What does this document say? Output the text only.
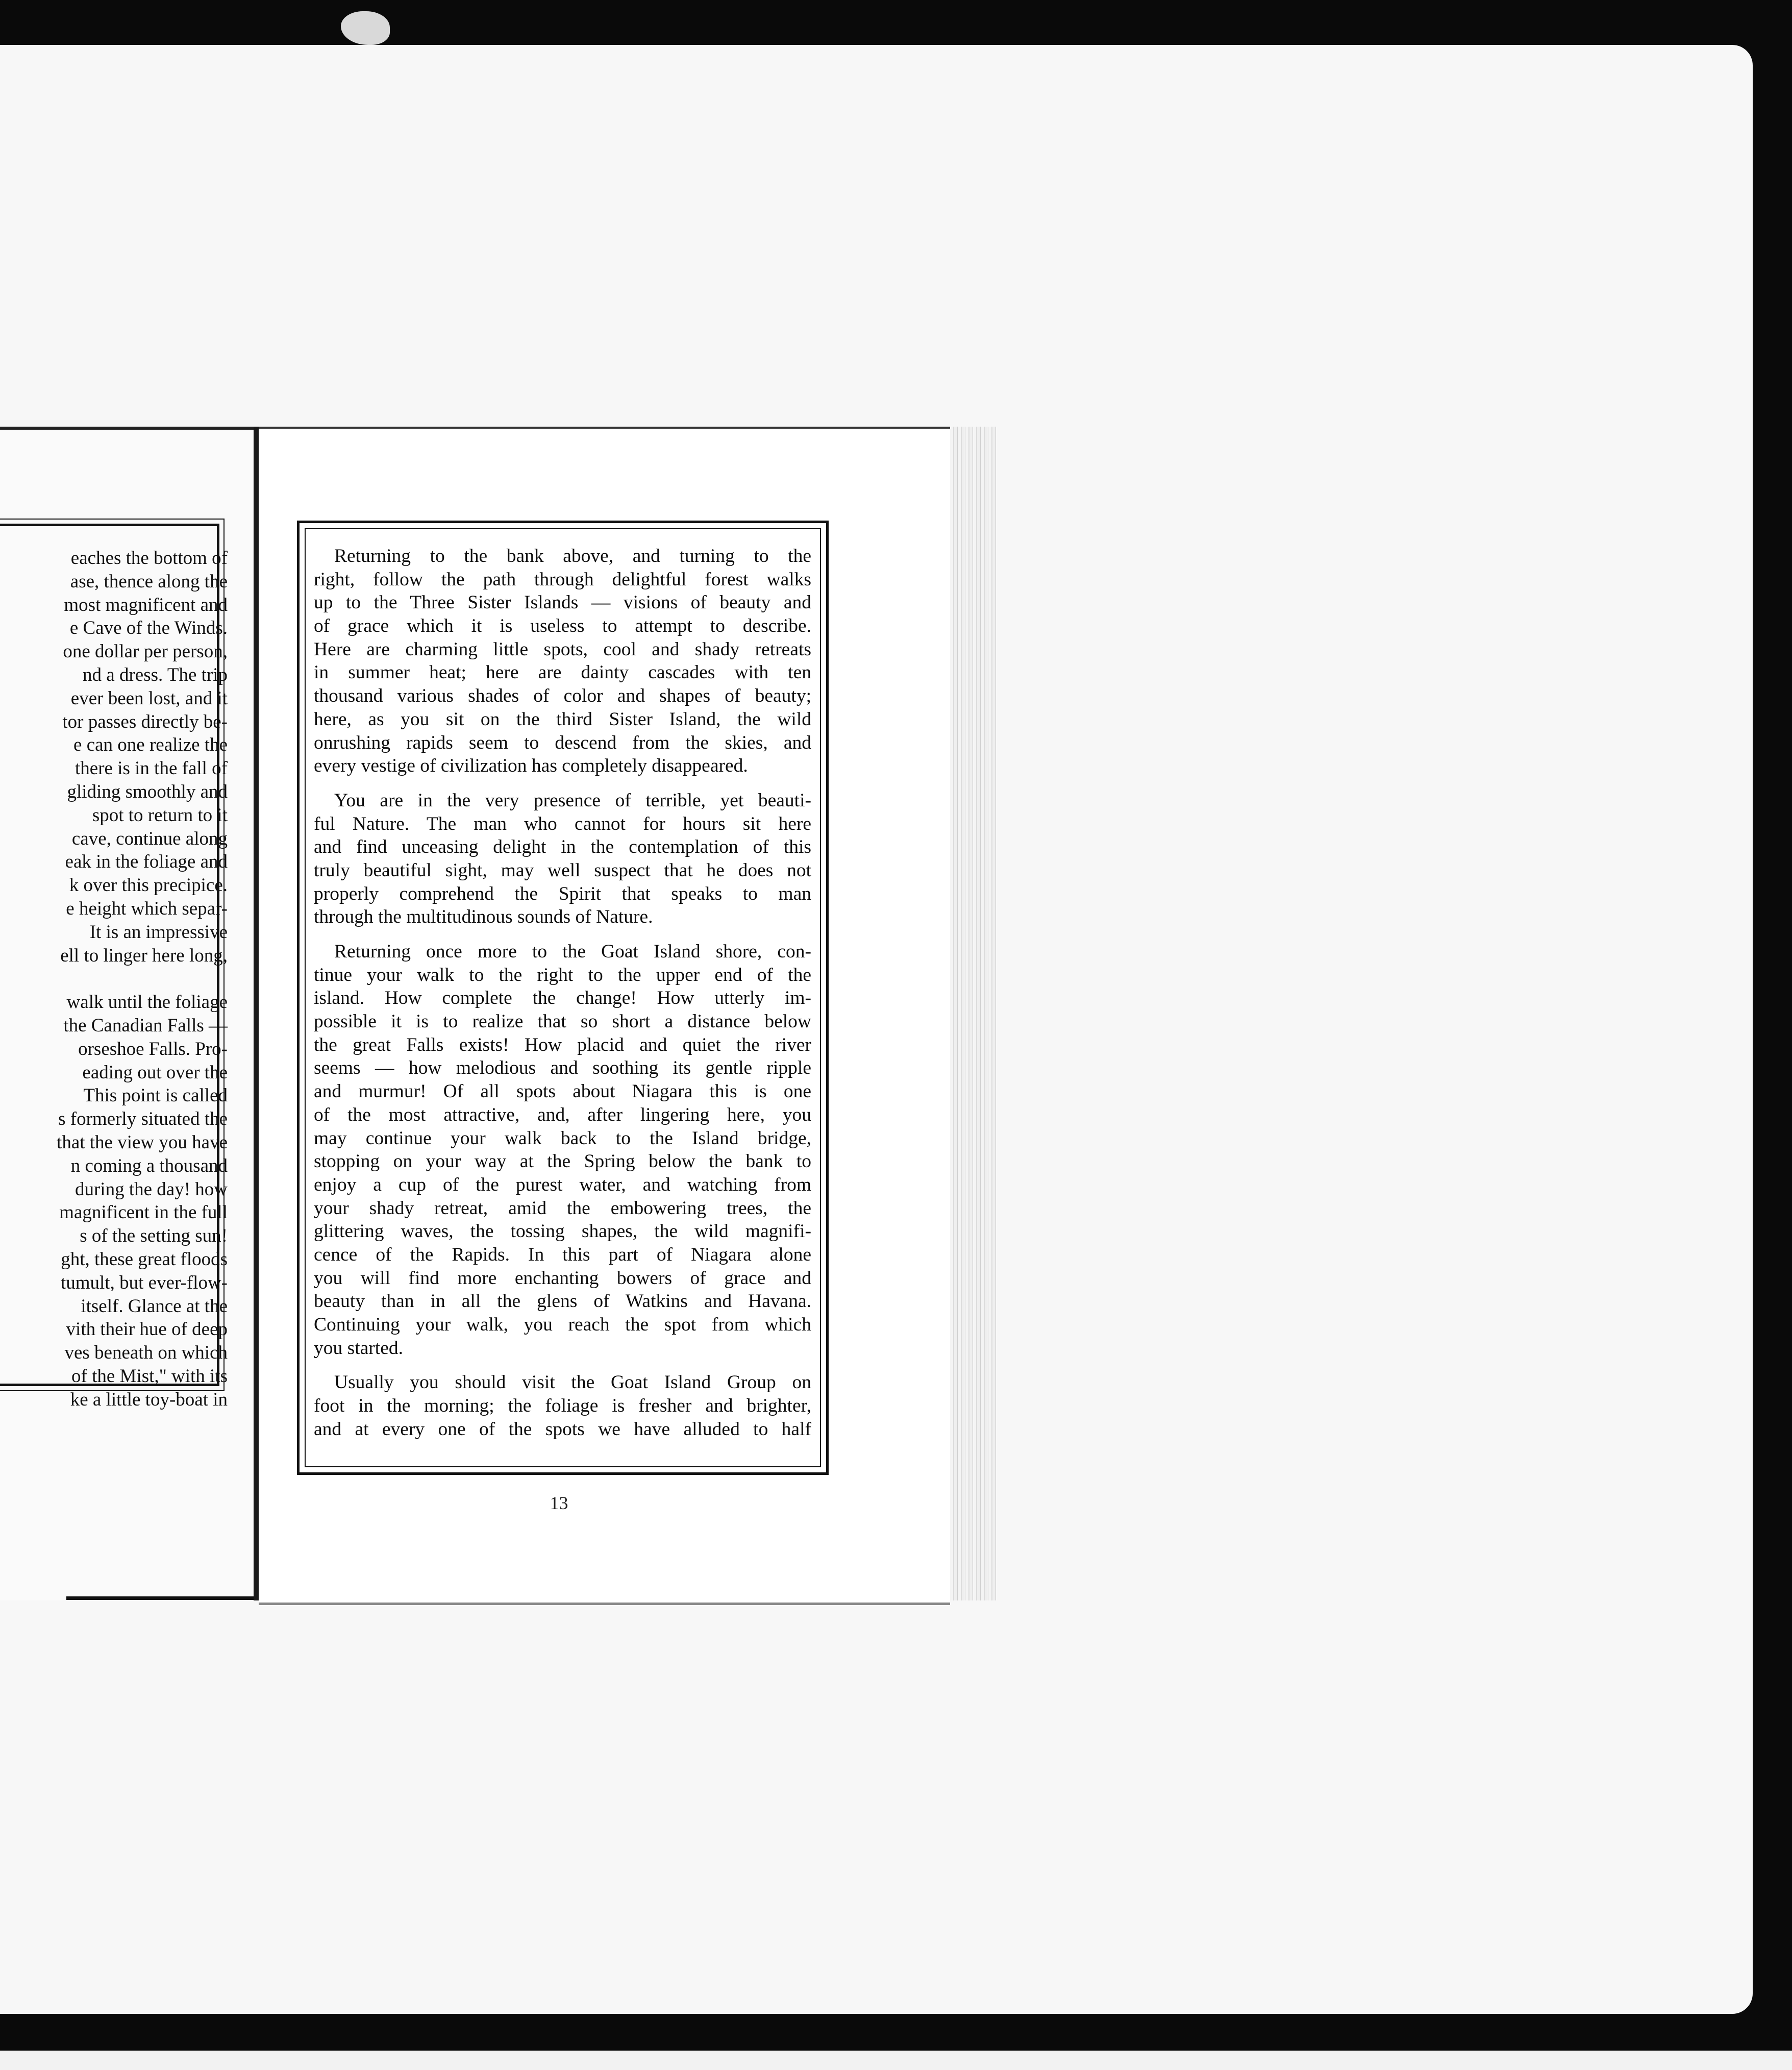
eaches the bottom of
ase, thence along the
most magnificent and
e Cave of the Winds.
one dollar per person,
nd a dress. The trip
ever been lost, and it
tor passes directly be-
e can one realize the
there is in the fall of
gliding smoothly and
spot to return to it
cave, continue along
eak in the foliage and
k over this precipice.
e height which separ-
It is an impressive
ell to linger here long,
walk until the foliage
the Canadian Falls —
orseshoe Falls. Pro-
eading out over the
This point is called
s formerly situated the
that the view you have
n coming a thousand
during the day! how
magnificent in the full
s of the setting sun!
ght, these great floods
tumult, but ever-flow-
itself. Glance at the
vith their hue of deep
ves beneath on which
of the Mist," with its
ke a little toy-boat in
Returning to the bank above, and turning to the
right, follow the path through delightful forest walks
up to the Three Sister Islands — visions of beauty and
of grace which it is useless to attempt to describe.
Here are charming little spots, cool and shady retreats
in summer heat; here are dainty cascades with ten
thousand various shades of color and shapes of beauty;
here, as you sit on the third Sister Island, the wild
onrushing rapids seem to descend from the skies, and
every vestige of civilization has completely disappeared.
You are in the very presence of terrible, yet beauti-
ful Nature. The man who cannot for hours sit here
and find unceasing delight in the contemplation of this
truly beautiful sight, may well suspect that he does not
properly comprehend the Spirit that speaks to man
through the multitudinous sounds of Nature.
Returning once more to the Goat Island shore, con-
tinue your walk to the right to the upper end of the
island. How complete the change! How utterly im-
possible it is to realize that so short a distance below
the great Falls exists! How placid and quiet the river
seems — how melodious and soothing its gentle ripple
and murmur! Of all spots about Niagara this is one
of the most attractive, and, after lingering here, you
may continue your walk back to the Island bridge,
stopping on your way at the Spring below the bank to
enjoy a cup of the purest water, and watching from
your shady retreat, amid the embowering trees, the
glittering waves, the tossing shapes, the wild magnifi-
cence of the Rapids. In this part of Niagara alone
you will find more enchanting bowers of grace and
beauty than in all the glens of Watkins and Havana.
Continuing your walk, you reach the spot from which
you started.
Usually you should visit the Goat Island Group on
foot in the morning; the foliage is fresher and brighter,
and at every one of the spots we have alluded to half
13
